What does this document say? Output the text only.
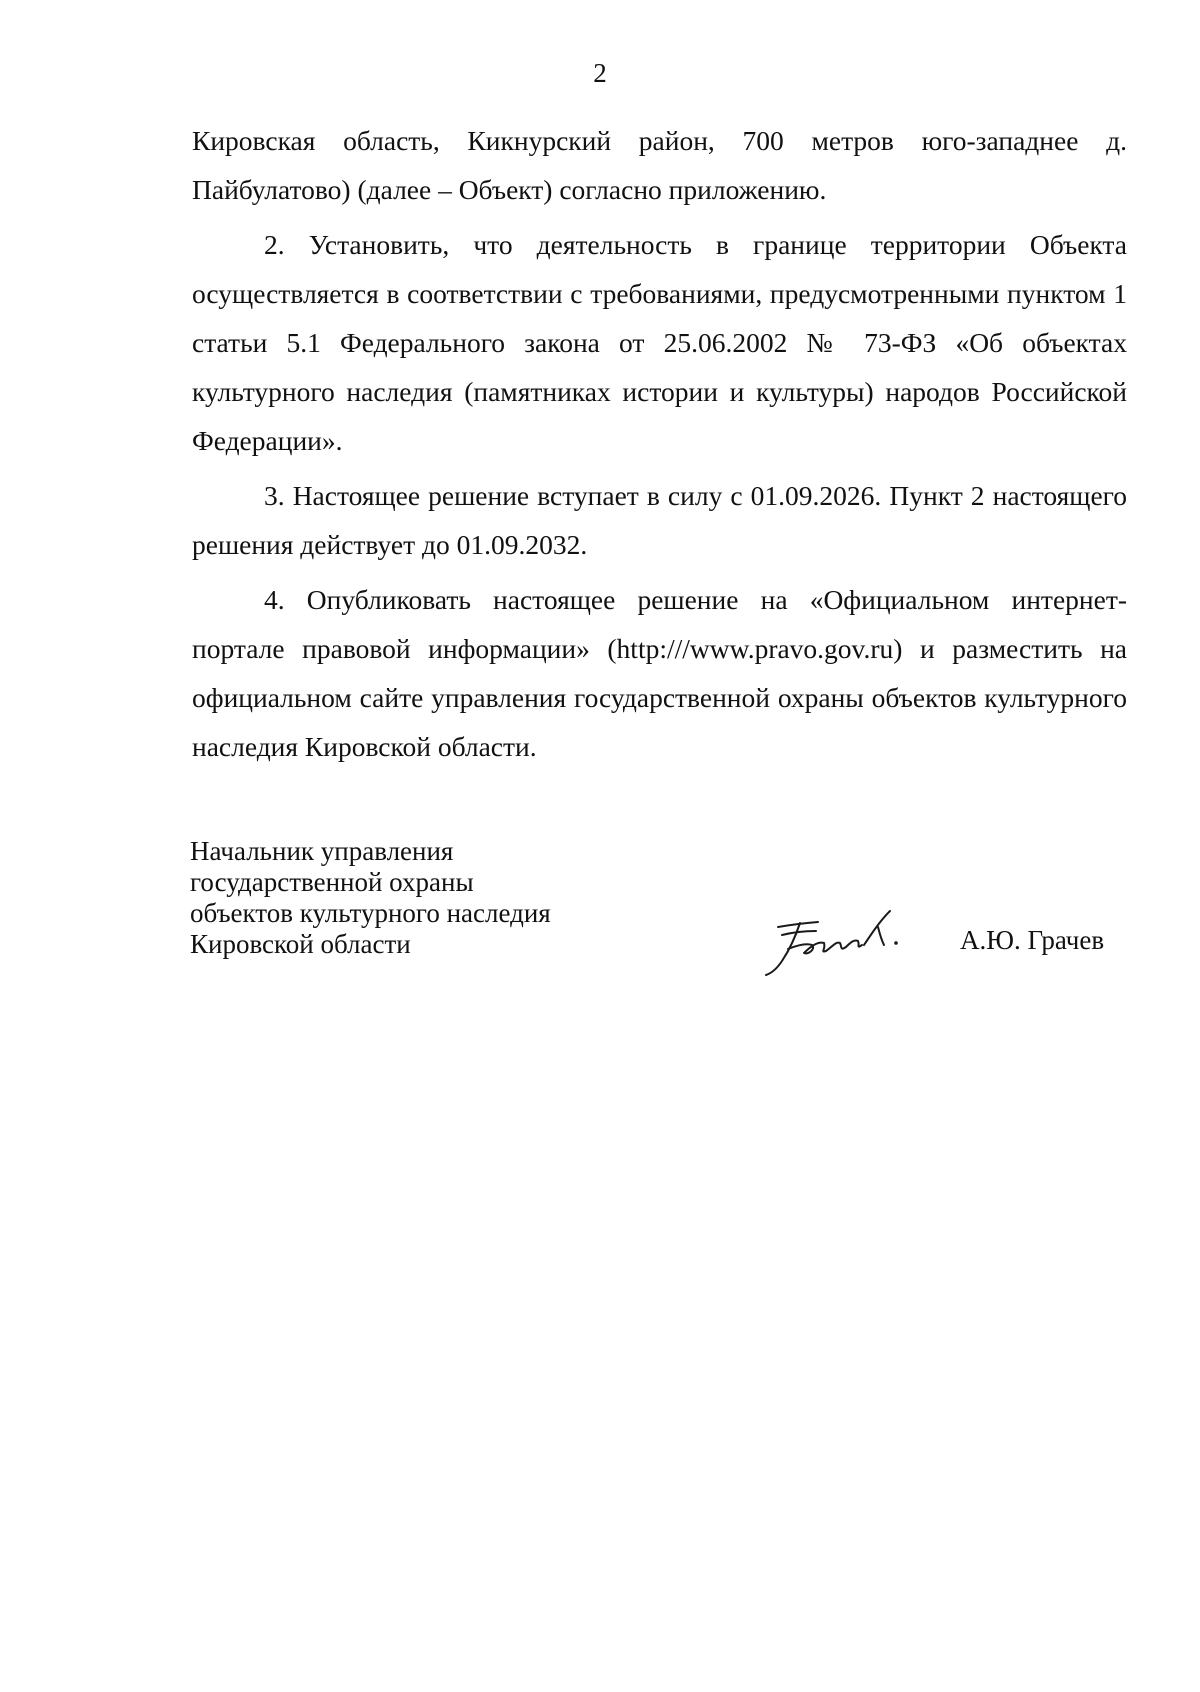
2

Кировская область, Кикнурский район, 700 метров юго-западнее д. Пайбулатово) (далее – Объект) согласно приложению.

2. Установить, что деятельность в границе территории Объекта осуществляется в соответствии с требованиями, предусмотренными пунктом 1 статьи 5.1 Федерального закона от 25.06.2002 № 73-ФЗ «Об объектах культурного наследия (памятниках истории и культуры) народов Российской Федерации».

3. Настоящее решение вступает в силу с 01.09.2026. Пункт 2 настоящего решения действует до 01.09.2032.

4. Опубликовать настоящее решение на «Официальном интернет-портале правовой информации» (http:///www.pravo.gov.ru) и разместить на официальном сайте управления государственной охраны объектов культурного наследия Кировской области.

Начальник управления
государственной охраны
объектов культурного наследия
Кировской области	А.Ю. Грачев
